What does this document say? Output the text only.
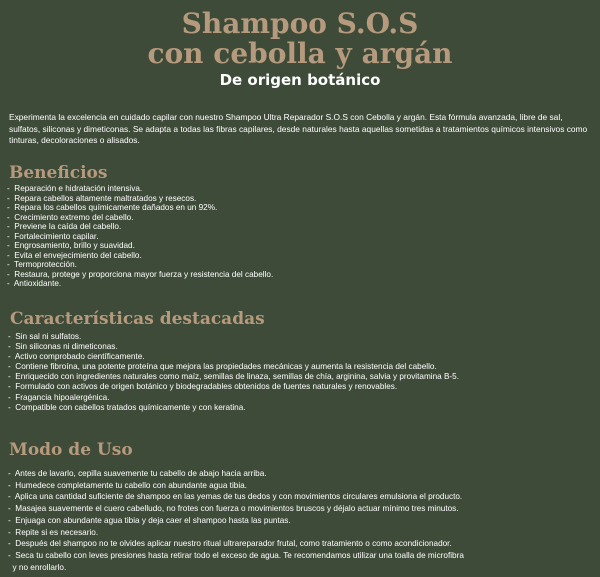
Shampoo S.O.S
con cebolla y argán
De origen botánico

Experimenta la excelencia en cuidado capilar con nuestro Shampoo Ultra Reparador S.O.S con Cebolla y argán. Esta fórmula avanzada, libre de sal, sulfatos, siliconas y dimeticonas. Se adapta a todas las fibras capilares, desde naturales hasta aquellas sometidas a tratamientos químicos intensivos como tinturas, decoloraciones o alisados.

Beneficios
-  Reparación e hidratación intensiva.
-  Repara cabellos altamente maltratados y resecos.
-  Repara los cabellos químicamente dañados en un 92%.
-  Crecimiento extremo del cabello.
-  Previene la caída del cabello.
-  Fortalecimiento capilar.
-  Engrosamiento, brillo y suavidad.
-  Evita el envejecimiento del cabello.
-  Termoprotección.
-  Restaura, protege y proporciona mayor fuerza y resistencia del cabello.
-  Antioxidante.
Características destacadas
-  Sin sal ni sulfatos.
-  Sin siliconas ni dimeticonas.
-  Activo comprobado científicamente.
-  Contiene fibroína, una potente proteína que mejora las propiedades mecánicas y aumenta la resistencia del cabello.
-  Enriquecido con ingredientes naturales como maíz, semillas de linaza, semillas de chía, arginina, salvia y provitamina B-5.
-  Formulado con activos de origen botánico y biodegradables obtenidos de fuentes naturales y renovables.
-  Fragancia hipoalergénica.
-  Compatible con cabellos tratados químicamente y con keratina.
Modo de Uso
-  Antes de lavarlo, cepilla suavemente tu cabello de abajo hacia arriba.
-  Humedece completamente tu cabello con abundante agua tibia.
-  Aplica una cantidad suficiente de shampoo en las yemas de tus dedos y con movimientos circulares emulsiona el producto.
-  Masajea suavemente el cuero cabelludo, no frotes con fuerza o movimientos bruscos y déjalo actuar mínimo tres minutos.
-  Enjuaga con abundante agua tibia y deja caer el shampoo hasta las puntas.
-  Repite si es necesario.
-  Después del shampoo no te olvides aplicar nuestro ritual ultrareparador frutal, como tratamiento o como acondicionador.
-  Seca tu cabello con leves presiones hasta retirar todo el exceso de agua. Te recomendamos utilizar una toalla de microfibra
y no enrollarlo.
